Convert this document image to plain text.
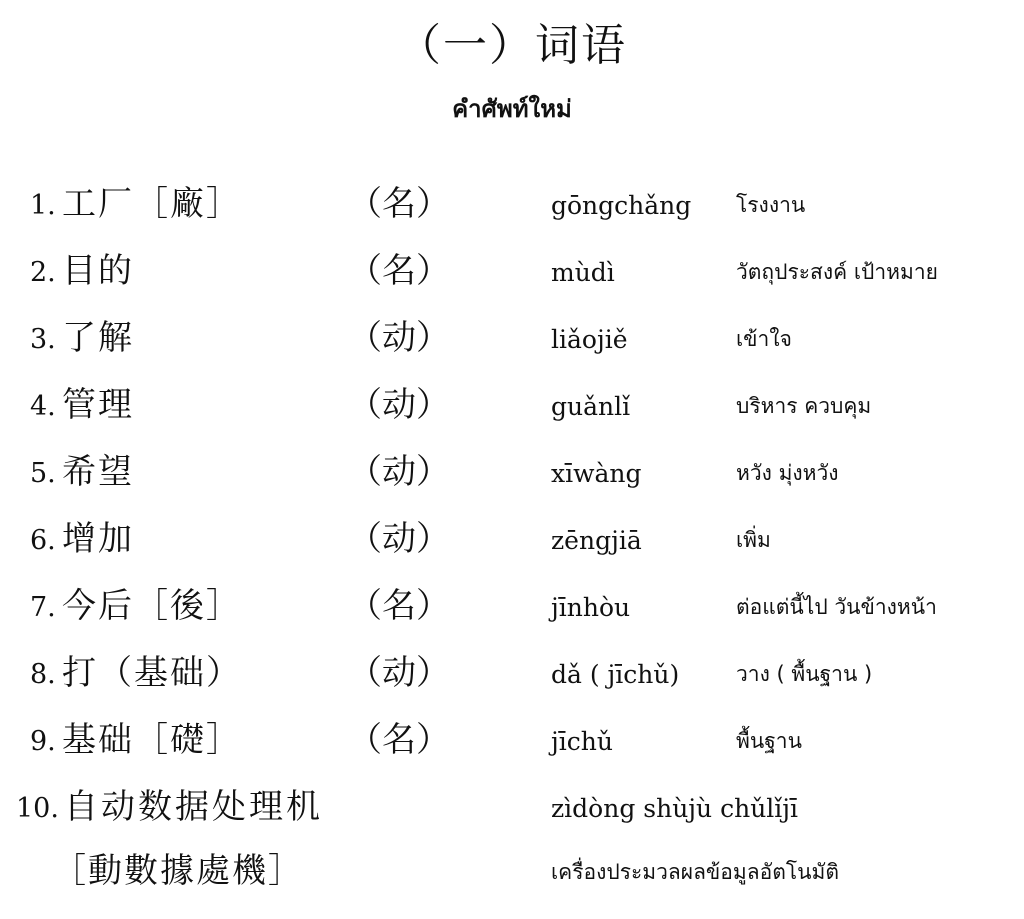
（一）词语
คำศัพท์ใหม่
1. 工厂［廠］	（名）	gōngchǎng โรงงาน
2. 目的	（名）	mùdì	วัตถุประสงค์ เป้าหมาย
3. 了解	（动）	liǎojiě	เข้าใจ
4. 管理	（动）	guǎnlǐ	บริหาร ควบคุม
5. 希望	（动）	xīwàng	หวัง มุ่งหวัง
6. 增加	（动）	zēngjiā	เพิ่ม
7. 今后［後］	（名）	jīnhòu	ต่อแต่นี้ไป วันข้างหน้า
8. 打（基础）	（动）	dǎ ( jīchǔ)	วาง ( พื้นฐาน )
9. 基础［礎］	（名）	jīchǔ	พื้นฐาน
10. 自动数据处理机	zìdòng shùjù chǔlǐjī
［動數據處機］	เครื่องประมวลผลข้อมูลอัตโนมัติ
